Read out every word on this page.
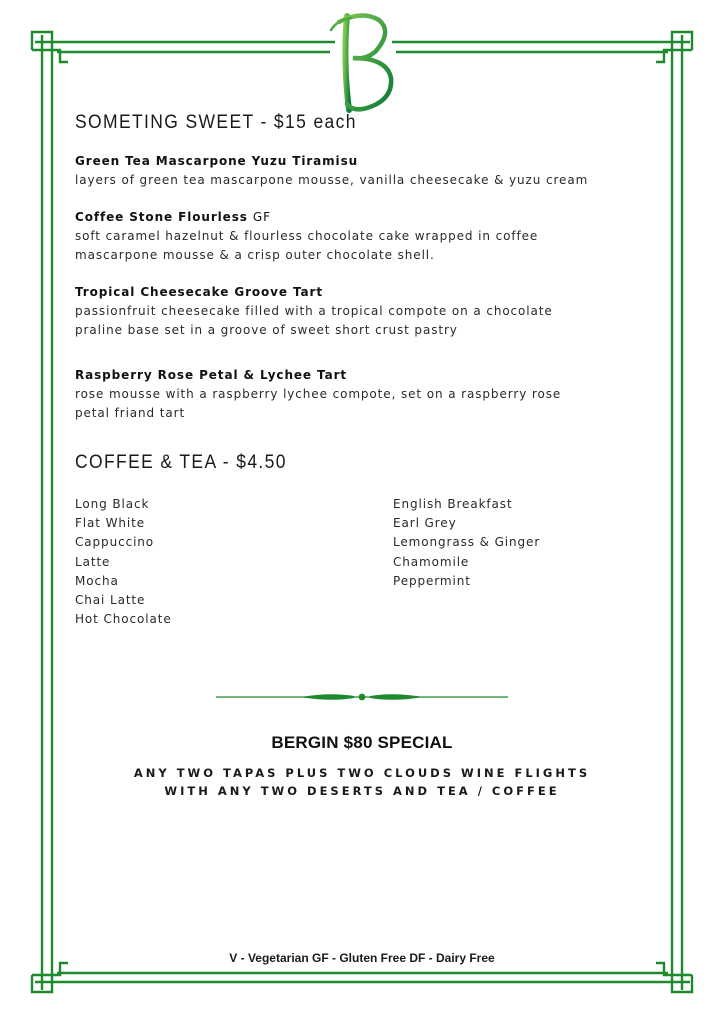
SOMETING SWEET - $15 each
Green Tea Mascarpone Yuzu Tiramisu
layers of green tea mascarpone mousse, vanilla cheesecake & yuzu cream
Coffee Stone Flourless GF
soft caramel hazelnut & flourless chocolate cake wrapped in coffee
mascarpone mousse & a crisp outer chocolate shell.
Tropical Cheesecake Groove Tart
passionfruit cheesecake filled with a tropical compote on a chocolate
praline base set in a groove of sweet short crust pastry
Raspberry Rose Petal & Lychee Tart
rose mousse with a raspberry lychee compote, set on a raspberry rose
petal friand tart
COFFEE & TEA - $4.50
Long Black
Flat White
Cappuccino
Latte
Mocha
Chai Latte
Hot Chocolate
English Breakfast
Earl Grey
Lemongrass & Ginger
Chamomile
Peppermint
BERGIN $80 SPECIAL
ANY TWO TAPAS PLUS TWO CLOUDS WINE FLIGHTS
WITH ANY TWO DESERTS AND TEA / COFFEE
V - Vegetarian GF - Gluten Free DF - Dairy Free
